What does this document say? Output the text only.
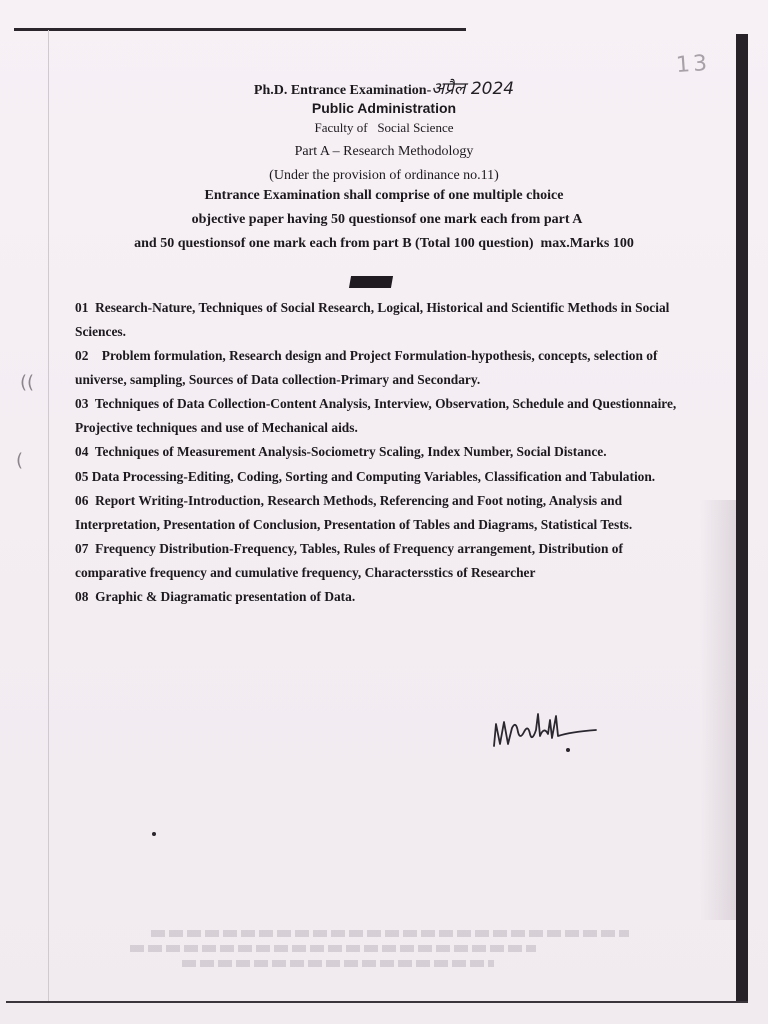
13
((
(
Ph.D. Entrance Examination-अप्रैल 2024
Public Administration
Faculty of   Social Science
Part A – Research Methodology
(Under the provision of ordinance no.11)
Entrance Examination shall comprise of one multiple choice
objective paper having 50 questionsof one mark each from part A
and 50 questionsof one mark each from part B (Total 100 question)  max.Marks 100
01 Research-Nature, Techniques of Social Research, Logical, Historical and Scientific Methods in Social Sciences.
02 Problem formulation, Research design and Project Formulation-hypothesis, concepts, selection of universe, sampling, Sources of Data collection-Primary and Secondary.
03 Techniques of Data Collection-Content Analysis, Interview, Observation, Schedule and Questionnaire, Projective techniques and use of Mechanical aids.
04 Techniques of Measurement Analysis-Sociometry Scaling, Index Number, Social Distance.
05 Data Processing-Editing, Coding, Sorting and Computing Variables, Classification and Tabulation.
06 Report Writing-Introduction, Research Methods, Referencing and Foot noting, Analysis and Interpretation, Presentation of Conclusion, Presentation of Tables and Diagrams, Statistical Tests.
07 Frequency Distribution-Frequency, Tables, Rules of Frequency arrangement, Distribution of comparative frequency and cumulative frequency, Charactersstics of Researcher
08 Graphic & Diagramatic presentation of Data.
